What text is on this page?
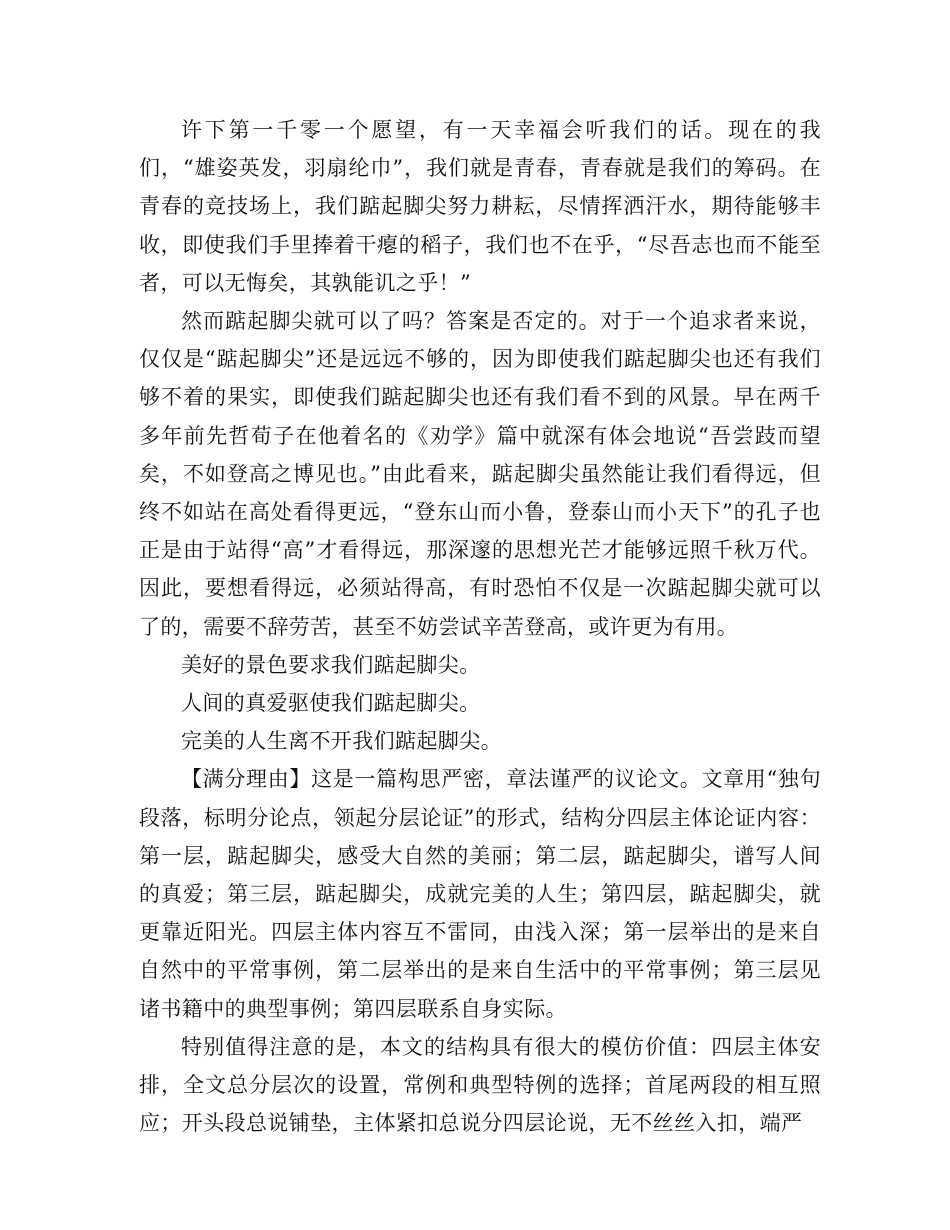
许下第一千零一个愿望，有一天幸福会听我们的话。现在的我们，“雄姿英发，羽扇纶巾”，我们就是青春，青春就是我们的筹码。在青春的竞技场上，我们踮起脚尖努力耕耘，尽情挥洒汗水，期待能够丰收，即使我们手里捧着干瘪的稻子，我们也不在乎，“尽吾志也而不能至者，可以无悔矣，其孰能讥之乎！”

然而踮起脚尖就可以了吗？答案是否定的。对于一个追求者来说，仅仅是“踮起脚尖”还是远远不够的，因为即使我们踮起脚尖也还有我们够不着的果实，即使我们踮起脚尖也还有我们看不到的风景。早在两千多年前先哲荀子在他着名的《劝学》篇中就深有体会地说“吾尝跂而望矣，不如登高之博见也。”由此看来，踮起脚尖虽然能让我们看得远，但终不如站在高处看得更远，“登东山而小鲁，登泰山而小天下”的孔子也正是由于站得“高”才看得远，那深邃的思想光芒才能够远照千秋万代。因此，要想看得远，必须站得高，有时恐怕不仅是一次踮起脚尖就可以了的，需要不辞劳苦，甚至不妨尝试辛苦登高，或许更为有用。

美好的景色要求我们踮起脚尖。

人间的真爱驱使我们踮起脚尖。

完美的人生离不开我们踮起脚尖。

【满分理由】这是一篇构思严密，章法谨严的议论文。文章用“独句段落，标明分论点，领起分层论证”的形式，结构分四层主体论证内容：第一层，踮起脚尖，感受大自然的美丽；第二层，踮起脚尖，谱写人间的真爱；第三层，踮起脚尖，成就完美的人生；第四层，踮起脚尖，就更靠近阳光。四层主体内容互不雷同，由浅入深；第一层举出的是来自自然中的平常事例，第二层举出的是来自生活中的平常事例；第三层见诸书籍中的典型事例；第四层联系自身实际。

特别值得注意的是，本文的结构具有很大的模仿价值：四层主体安排，全文总分层次的设置，常例和典型特例的选择；首尾两段的相互照应；开头段总说铺垫，主体紧扣总说分四层论说，无不丝丝入扣，端严
